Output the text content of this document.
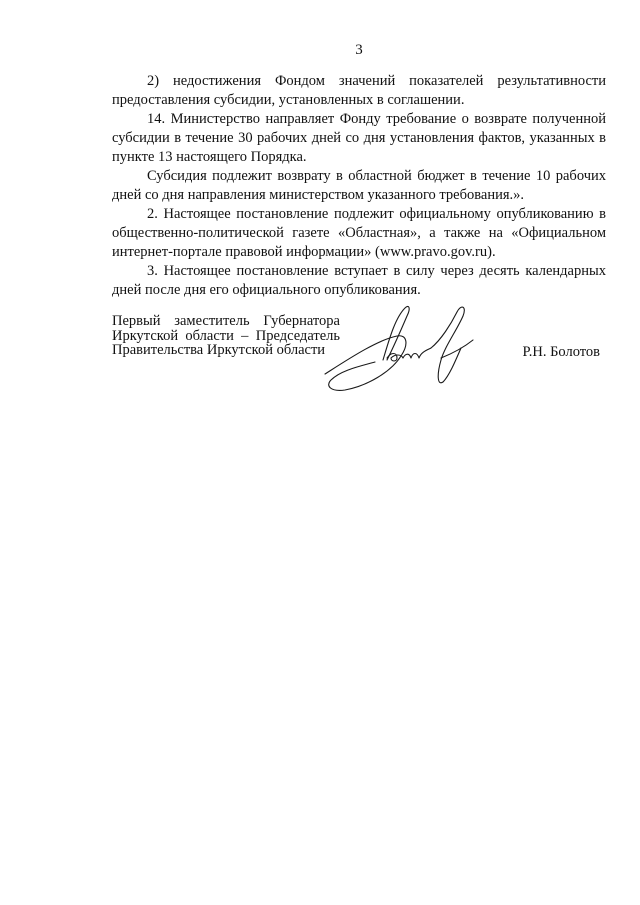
3

2) недостижения Фондом значений показателей результативности предоставления субсидии, установленных в соглашении.

14. Министерство направляет Фонду требование о возврате полученной субсидии в течение 30 рабочих дней со дня установления фактов, указанных в пункте 13 настоящего Порядка.

Субсидия подлежит возврату в областной бюджет в течение 10 рабочих дней со дня направления министерством указанного требования.».

2. Настоящее постановление подлежит официальному опубликованию в общественно-политической газете «Областная», а также на «Официальном интернет-портале правовой информации» (www.pravo.gov.ru).

3. Настоящее постановление вступает в силу через десять календарных дней после дня его официального опубликования.

Первый заместитель Губернатора
Иркутской области – Председатель
Правительства Иркутской области	Р.Н. Болотов
